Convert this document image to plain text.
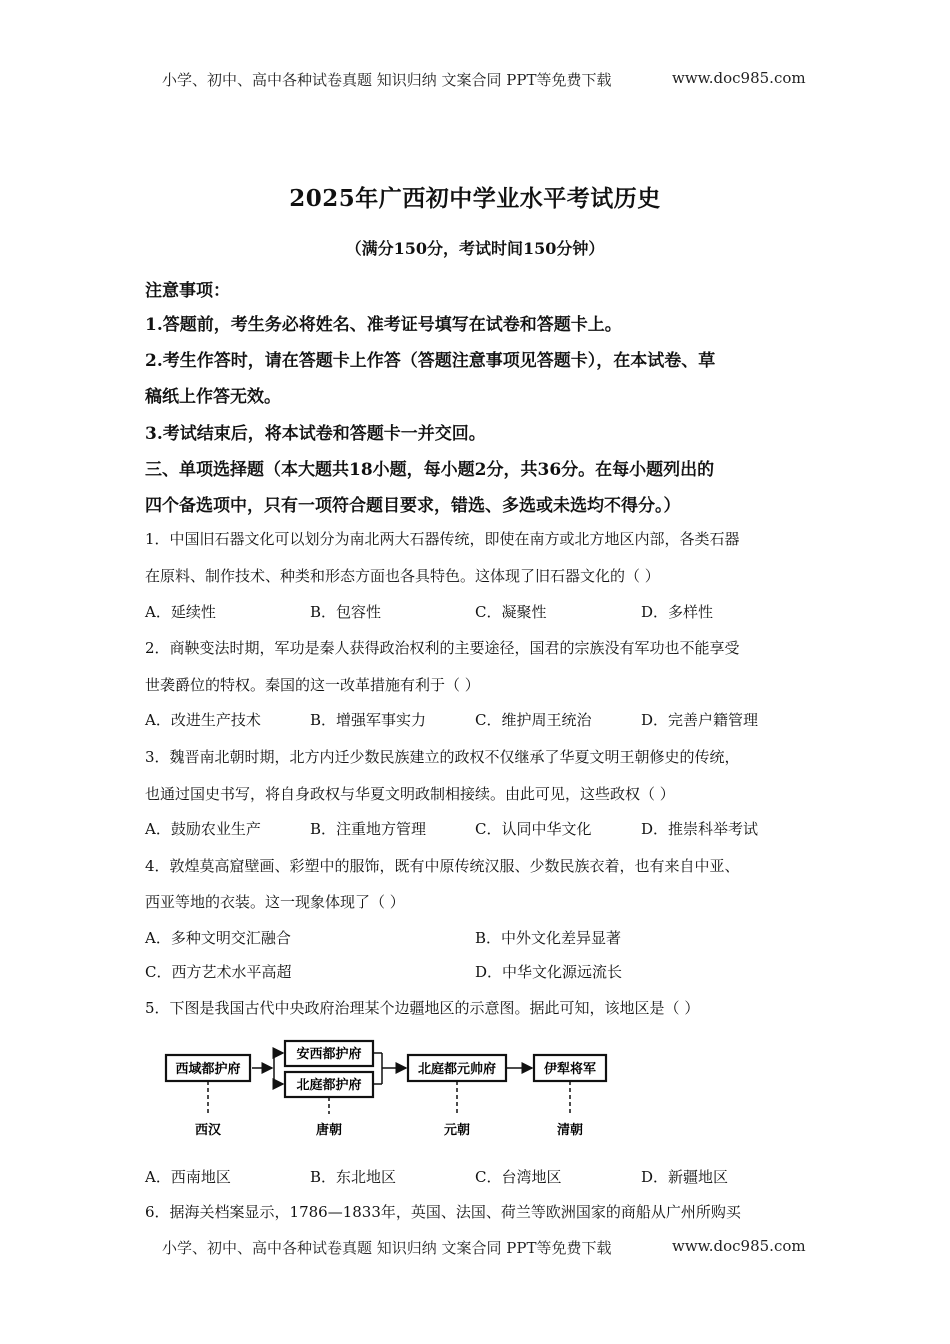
小学、初中、高中各种试卷真题 知识归纳 文案合同 PPT等免费下载	www.doc985.com
2025年广西初中学业水平考试历史
（满分150分，考试时间150分钟）
注意事项：
1.答题前，考生务必将姓名、准考证号填写在试卷和答题卡上。
2.考生作答时，请在答题卡上作答（答题注意事项见答题卡），在本试卷、草
稿纸上作答无效。
3.考试结束后，将本试卷和答题卡一并交回。
三、单项选择题（本大题共18小题，每小题2分，共36分。在每小题列出的
四个备选项中，只有一项符合题目要求，错选、多选或未选均不得分。）
1．中国旧石器文化可以划分为南北两大石器传统，即使在南方或北方地区内部，各类石器
在原料、制作技术、种类和形态方面也各具特色。这体现了旧石器文化的（ ）
A．延续性	B．包容性	C．凝聚性	D．多样性
2．商鞅变法时期，军功是秦人获得政治权利的主要途径，国君的宗族没有军功也不能享受
世袭爵位的特权。秦国的这一改革措施有利于（ ）
A．改进生产技术	B．增强军事实力	C．维护周王统治	D．完善户籍管理
3．魏晋南北朝时期，北方内迁少数民族建立的政权不仅继承了华夏文明王朝修史的传统，
也通过国史书写，将自身政权与华夏文明政制相接续。由此可见，这些政权（ ）
A．鼓励农业生产	B．注重地方管理	C．认同中华文化	D．推崇科举考试
4．敦煌莫高窟壁画、彩塑中的服饰，既有中原传统汉服、少数民族衣着，也有来自中亚、
西亚等地的衣装。这一现象体现了（ ）
A．多种文明交汇融合	B．中外文化差异显著
C．西方艺术水平高超	D．中华文化源远流长
5．下图是我国古代中央政府治理某个边疆地区的示意图。据此可知，该地区是（ ）
西域都护府
安西都护府
北庭都护府
北庭都元帅府	伊犁将军
西汉	唐朝	元朝	清朝
A．西南地区	B．东北地区	C．台湾地区	D．新疆地区
6．据海关档案显示，1786—1833年，英国、法国、荷兰等欧洲国家的商船从广州所购买
小学、初中、高中各种试卷真题 知识归纳 文案合同 PPT等免费下载	www.doc985.com
